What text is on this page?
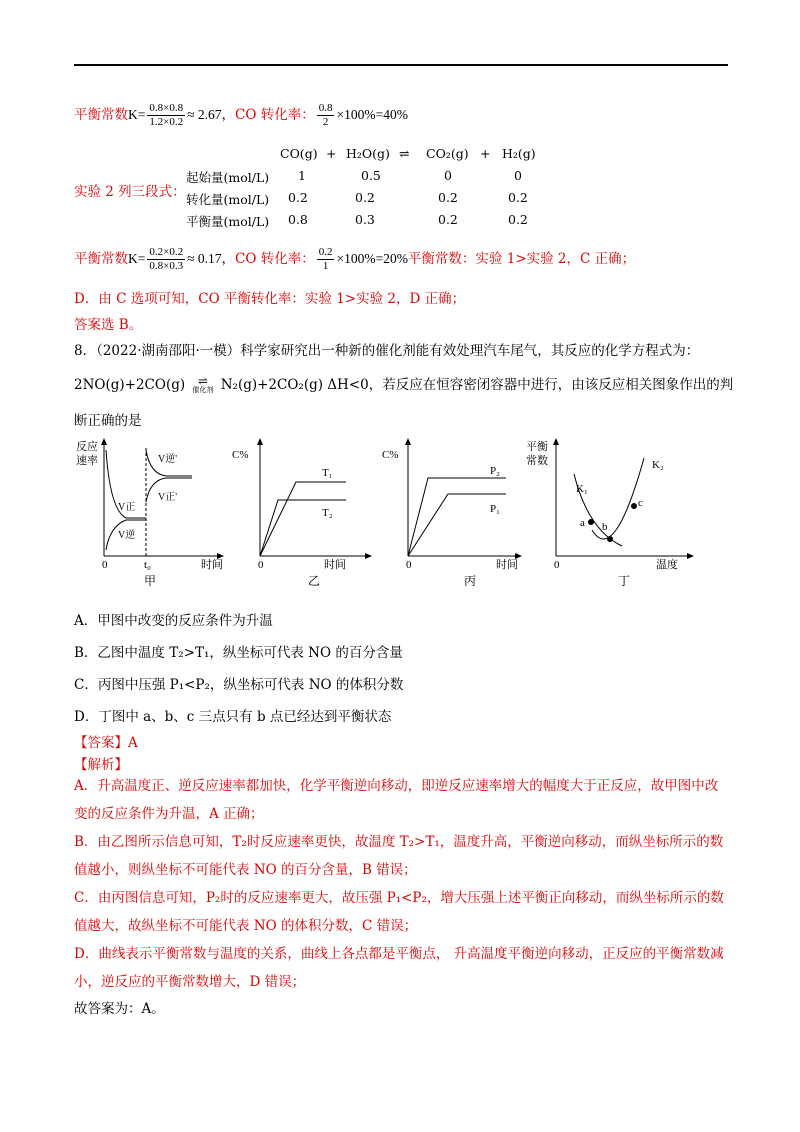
平衡常数$K= \frac{0.8\times 0.8}{1.2\times 0.2} \approx 2.67$，CO 转化率： $\frac{0.8}{2} \times 100\%=40\%$
CO(g) + H₂O(g) ⇌ CO₂(g) + H₂(g)
实验 2 列三段式：
起始量(mol/L) 1	0.5	0	0
转化量(mol/L) 0.2	0.2	0.2	0.2
平衡量(mol/L) 0.8	0.3	0.2	0.2
平衡常数$K= \frac{0.2\times 0.2}{0.8\times 0.3} \approx 0.17$，CO 转化率： $\frac{0.2}{1} \times 100\%=20\%$平衡常数：实验 1>实验 2，C 正确；
D．由 C 选项可知，CO 平衡转化率：实验 1>实验 2，D 正确；
答案选 B。
8．（2022·湖南邵阳·一模）科学家研究出一种新的催化剂能有效处理汽车尾气，其反应的化学方程式为：
2NO(g)+2CO(g) ⇌
催化剂 N₂(g)+2CO₂(g) ΔH<0，若反应在恒容密闭容器中进行，由该反应相关图象作出的判
断正确的是
反应
速率
0	t₀	时间
V正
V逆
V逆'
V正'
甲
C%
0	时间
T₁
T₂
乙
C%
0	时间
P₂
P₁
丙
平衡
常数
0	温度
K₁
K₂
a b
c
丁
A．甲图中改变的反应条件为升温
B．乙图中温度 T₂>T₁，纵坐标可代表 NO 的百分含量
C．丙图中压强 P₁<P₂，纵坐标可代表 NO 的体积分数
D．丁图中 a、b、c 三点只有 b 点已经达到平衡状态
【答案】A
【解析】
A．升高温度正、逆反应速率都加快，化学平衡逆向移动，即逆反应速率增大的幅度大于正反应，故甲图中改变的反应条件为升温，A 正确；
B．由乙图所示信息可知，T₂时反应速率更快，故温度 T₂>T₁，温度升高，平衡逆向移动，而纵坐标所示的数值越小，则纵坐标不可能代表 NO 的百分含量，B 错误；
C．由丙图信息可知，P₂时的反应速率更大，故压强 P₁<P₂，增大压强上述平衡正向移动，而纵坐标所示的数值越大，故纵坐标不可能代表 NO 的体积分数，C 错误；
D．曲线表示平衡常数与温度的关系，曲线上各点都是平衡点， 升高温度平衡逆向移动，正反应的平衡常数减小，逆反应的平衡常数增大，D 错误；
故答案为：A。
